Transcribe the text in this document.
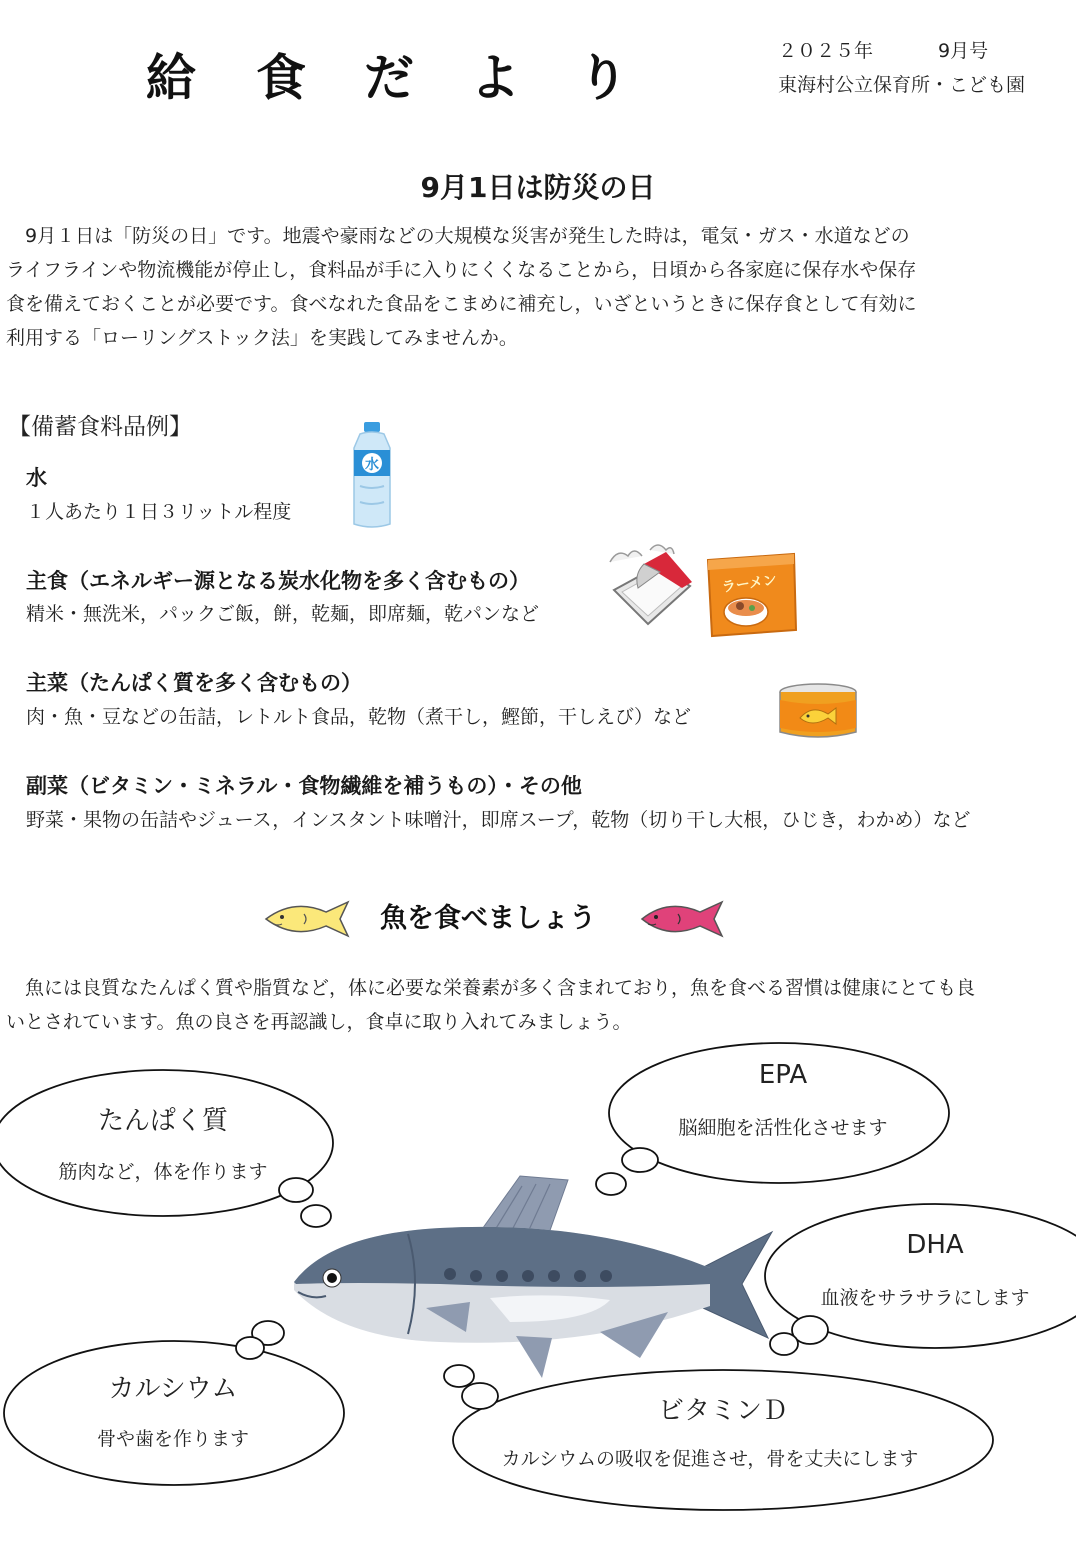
給 食 だ よ り	２０２５年	9月号
東海村公立保育所・こども園
9月1日は防災の日
　9月１日は「防災の日」です。地震や豪雨などの大規模な災害が発生した時は，電気・ガス・水道などの
ライフラインや物流機能が停止し，食料品が手に入りにくくなることから，日頃から各家庭に保存水や保存
食を備えておくことが必要です。食べなれた食品をこまめに補充し，いざというときに保存食として有効に
利用する「ローリングストック法」を実践してみませんか。
【備蓄食料品例】
水
１人あたり１日３リットル程度
主食（エネルギー源となる炭水化物を多く含むもの）
精米・無洗米，パックご飯，餅，乾麺，即席麺，乾パンなど
主菜（たんぱく質を多く含むもの）
肉・魚・豆などの缶詰，レトルト食品，乾物（煮干し，鰹節，干しえび）など
副菜（ビタミン・ミネラル・食物繊維を補うもの）・その他
野菜・果物の缶詰やジュース，インスタント味噌汁，即席スープ，乾物（切り干し大根，ひじき，わかめ）など
水
ラーメン
魚を食べましょう
　魚には良質なたんぱく質や脂質など，体に必要な栄養素が多く含まれており，魚を食べる習慣は健康にとても良
いとされています。魚の良さを再認識し，食卓に取り入れてみましょう。
たんぱく質
筋肉など，体を作ります
EPA
脳細胞を活性化させます
DHA
血液をサラサラにします
カルシウム
骨や歯を作ります
ビタミンＤ
カルシウムの吸収を促進させ，骨を丈夫にします
